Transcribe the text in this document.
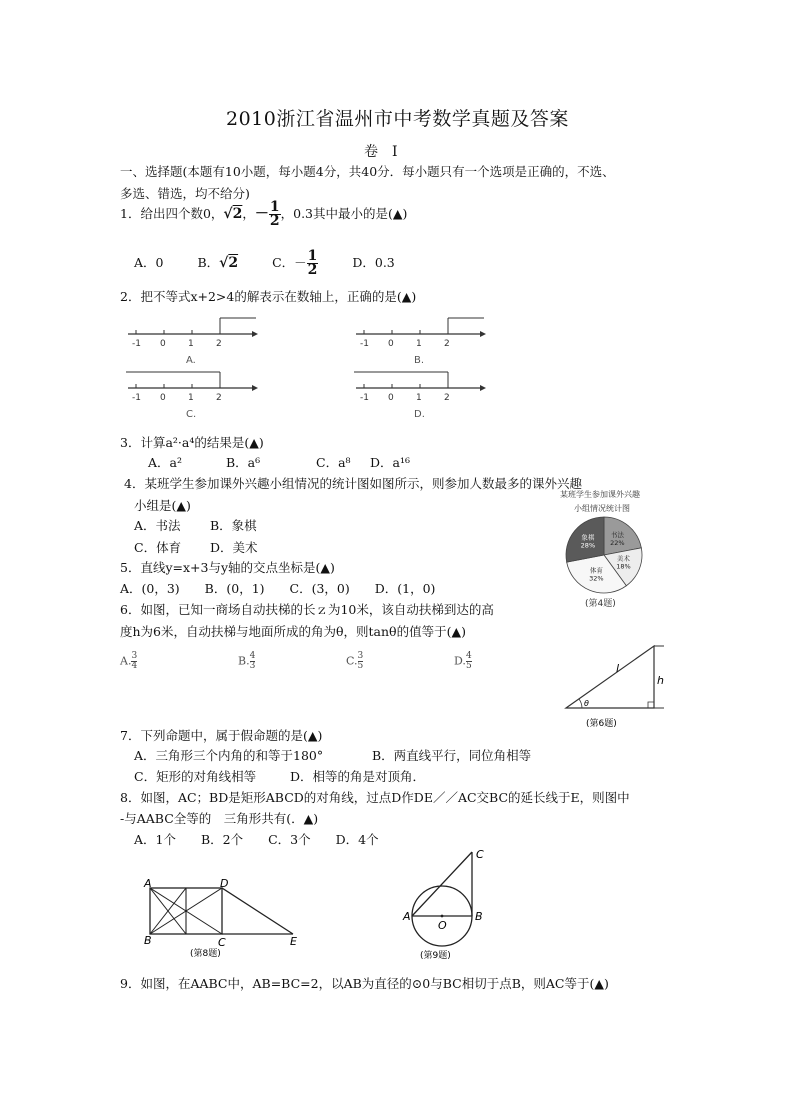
2010浙江省温州市中考数学真题及答案
卷　I
一、选择题(本题有10小题，每小题4分，共40分．每小题只有一个选项是正确的，不选、
多选、错选，均不给分)
1．给出四个数0，√2，－ $\frac{1}{2}$ ，0.3其中最小的是(▲)
A．0	B．√2	C．－ $\frac{1}{2}$	D．0.3
2．把不等式x+2>4的解表示在数轴上，正确的是(▲)
-1 0 1 2
A.
-1 0 1 2
B.
-1 0 1 2
C.
-1 0 1 2
D.
3．计算a²·a⁴的结果是(▲)
A．a²	B．a⁶	C．a⁸ D．a¹⁶
4．某班学生参加课外兴趣小组情况的统计图如图所示，则参加人数最多的课外兴趣
小组是(▲)
A．书法 B．象棋
C．体育 D．美术
某班学生参加课外兴趣
小组情况统计图
书法
22%
美术
18%
体育
32%
象棋
28%
(第4题)
5．直线y=x+3与y轴的交点坐标是(▲)
A．(0，3)　　B．(0，1)　　C．(3，0)　　D．(1，0)
6．如图，已知一商场自动扶梯的长ｚ为10米，该自动扶梯到达的高
度h为6米，自动扶梯与地面所成的角为θ，则tanθ的值等于(▲)
A. $\frac{3}{4}$	B. $\frac{4}{3}$	C. $\frac{3}{5}$	D. $\frac{4}{5}$
θ
l
h
(第6题)
7．下列命题中，属于假命题的是(▲)
A．三角形三个内角的和等于180°	B．两直线平行，同位角相等
C．矩形的对角线相等	D．相等的角是对顶角．
8．如图，AC；BD是矩形ABCD的对角线，过点D作DE／／AC交BC的延长线于E，则图中
-与AABC全等的　三角形共有(．▲)
A．1个　　B．2个　　C．3个　　D．4个
A
B	C
D
E
(第8题)
A	B
C
O
(第9题)
9．如图，在AABC中，AB=BC=2，以AB为直径的⊙0与BC相切于点B，则AC等于(▲)
